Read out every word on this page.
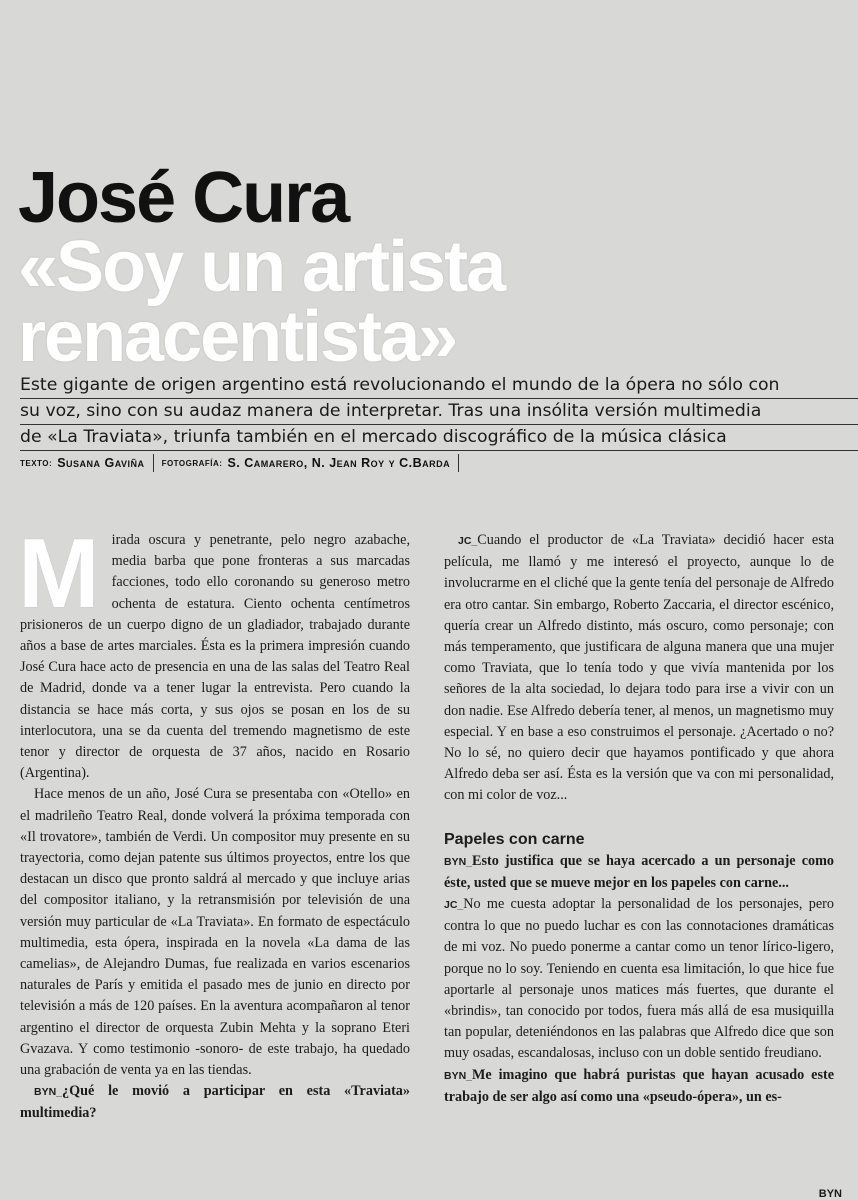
José Cura
«Soy un artista
renacentista»
Este gigante de origen argentino está revolucionando el mundo de la ópera no sólo con
su voz, sino con su audaz manera de interpretar. Tras una insólita versión multimedia
de «La Traviata», triunfa también en el mercado discográfico de la música clásica
TEXTO: Susana Gaviña FOTOGRAFÍA: S. Camarero, N. Jean Roy y C.Barda

Mirada oscura y penetrante, pelo negro azabache, media barba que pone fronteras a sus marcadas facciones, todo ello coronando su generoso metro ochenta de estatura. Ciento ochenta centímetros prisioneros de un cuerpo digno de un gladiador, trabajado durante años a base de artes marciales. Ésta es la primera impresión cuando José Cura hace acto de presencia en una de las salas del Teatro Real de Madrid, donde va a tener lugar la entrevista. Pero cuando la distancia se hace más corta, y sus ojos se posan en los de su interlocutora, una se da cuenta del tremendo magnetismo de este tenor y director de orquesta de 37 años, nacido en Rosario (Argentina).

Hace menos de un año, José Cura se presentaba con «Otello» en el madrileño Teatro Real, donde volverá la próxima temporada con «Il trovatore», también de Verdi. Un compositor muy presente en su trayectoria, como dejan patente sus últimos proyectos, entre los que destacan un disco que pronto saldrá al mercado y que incluye arias del compositor italiano, y la retransmisión por televisión de una versión muy particular de «La Traviata». En formato de espectáculo multimedia, esta ópera, inspirada en la novela «La dama de las camelias», de Alejandro Dumas, fue realizada en varios escenarios naturales de París y emitida el pasado mes de junio en directo por televisión a más de 120 países. En la aventura acompañaron al tenor argentino el director de orquesta Zubin Mehta y la soprano Eteri Gvazava. Y como testimonio -sonoro- de este trabajo, ha quedado una grabación de venta ya en las tiendas.

BYN_¿Qué le movió a participar en esta «Traviata» multimedia?

JC_Cuando el productor de «La Traviata» decidió hacer esta película, me llamó y me interesó el proyecto, aunque lo de involucrarme en el cliché que la gente tenía del personaje de Alfredo era otro cantar. Sin embargo, Roberto Zaccaria, el director escénico, quería crear un Alfredo distinto, más oscuro, como personaje; con más temperamento, que justificara de alguna manera que una mujer como Traviata, que lo tenía todo y que vivía mantenida por los señores de la alta sociedad, lo dejara todo para irse a vivir con un don nadie. Ese Alfredo debería tener, al menos, un magnetismo muy especial. Y en base a eso construimos el personaje. ¿Acertado o no? No lo sé, no quiero decir que hayamos pontificado y que ahora Alfredo deba ser así. Ésta es la versión que va con mi personalidad, con mi color de voz...

Papeles con carne

BYN_Esto justifica que se haya acercado a un personaje como éste, usted que se mueve mejor en los papeles con carne...

JC_No me cuesta adoptar la personalidad de los personajes, pero contra lo que no puedo luchar es con las connotaciones dramáticas de mi voz. No puedo ponerme a cantar como un tenor lírico-ligero, porque no lo soy. Teniendo en cuenta esa limitación, lo que hice fue aportarle al personaje unos matices más fuertes, que durante el «brindis», tan conocido por todos, fuera más allá de esa musiquilla tan popular, deteniéndonos en las palabras que Alfredo dice que son muy osadas, escandalosas, incluso con un doble sentido freudiano.

BYN_Me imagino que habrá puristas que hayan acusado este trabajo de ser algo así como una «pseudo-ópera», un es-

BYN
